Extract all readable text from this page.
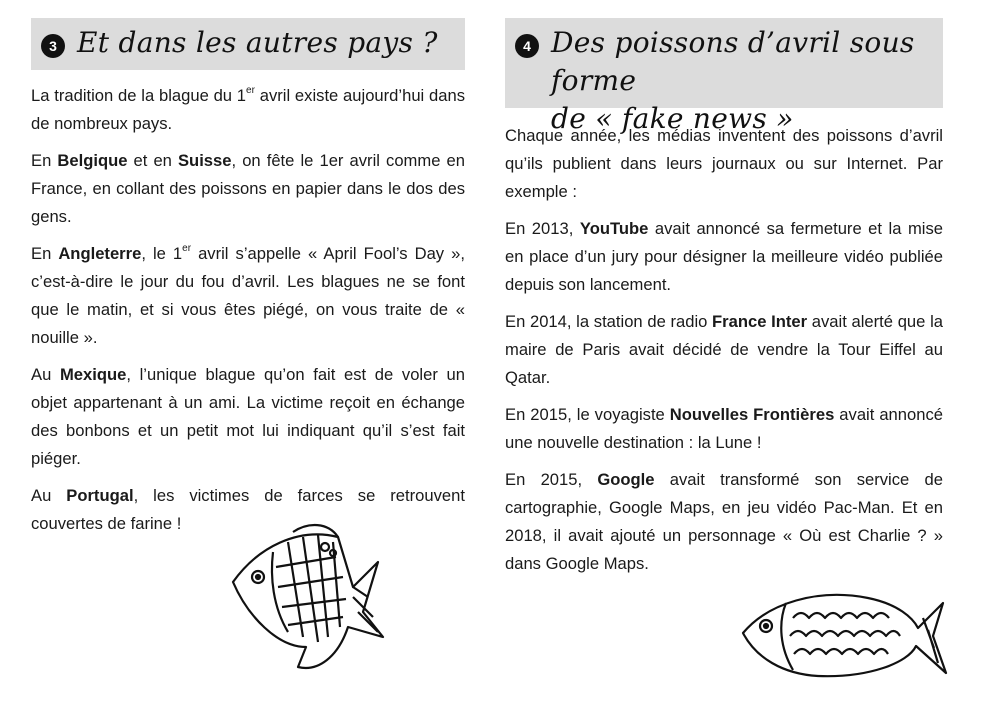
3 Et dans les autres pays ?

La tradition de la blague du 1er avril existe aujourd’hui dans de nombreux pays.

En Belgique et en Suisse, on fête le 1er avril comme en France, en collant des poissons en papier dans le dos des gens.

En Angleterre, le 1er avril s’appelle « April Fool’s Day », c’est-à-dire le jour du fou d’avril. Les blagues ne se font que le matin, et si vous êtes piégé, on vous traite de « nouille ».

Au Mexique, l’unique blague qu’on fait est de voler un objet appartenant à un ami. La victime reçoit en échange des bonbons et un petit mot lui indiquant qu’il s’est fait piéger.

Au Portugal, les victimes de farces se retrouvent couvertes de farine !

4 Des poissons d’avril sous forme
de « fake news »

Chaque année, les médias inventent des poissons d’avril qu’ils publient dans leurs journaux ou sur Internet. Par exemple :

En 2013, YouTube avait annoncé sa fermeture et la mise en place d’un jury pour désigner la meilleure vidéo publiée depuis son lancement.

En 2014, la station de radio France Inter avait alerté que la maire de Paris avait décidé de vendre la Tour Eiffel au Qatar.

En 2015, le voyagiste Nouvelles Frontières avait annoncé une nouvelle destination : la Lune !

En 2015, Google avait transformé son service de cartographie, Google Maps, en jeu vidéo Pac-Man. Et en 2018, il avait ajouté un personnage « Où est Charlie ? » dans Google Maps.
